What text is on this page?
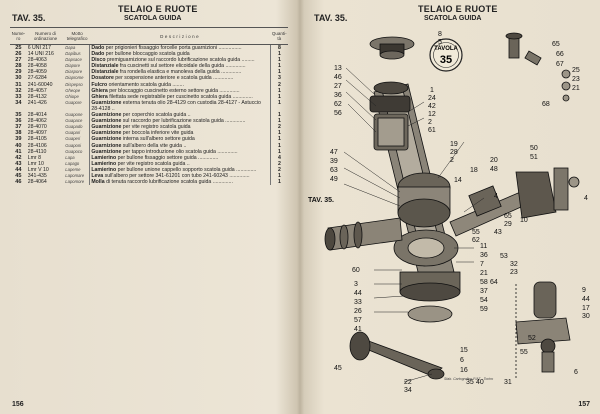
TELAIO E RUOTE
TAV. 35.	SCATOLA GUIDA
Nume-ro	Numero di ordinazione	Motto telegrafico	Descrizione	Quanti-tà
25	6 UNI 217	Dapa	Dado per prigionieri fissaggio forcelle porta guarnizioni ................	8
26	14 UNI 216	Dapibus	Dado per bullone bloccaggio scatola guida	1
27	28-4063	Dapsace	Disco premiguarnizione sul raccordo lubrificazione scatola guida .........	1
28	28-4058	Diapore	Distanziale fra cuscinetti sul settore elicoidale della guida ..............	1
29	28-4059	Diaspore	Distanziale fra rondella elastica e manoleva della guida ..............	1
30	27-6284	Diaprome	Dosatore per sospensione anteriore e scatola guida ..............	3
31	241-60040	Dispepso	Fulcro orientamento scatola guida ........	2
32	28-4057	Gheope	Ghiera per bloccaggio cuscinetto esterno settore guida ..............	1
33	28-4132	Ghiope	Ghiera filettata sede registrabile per cuscinetto scatola guida ..............	1
34	241-426	Guapore	Guarnizione esterna tenuta olio 28-4129 con custodia 28-4127 - Astuccio 28-4128 ..	1
35	28-4014	Guapone	Guarnizione per coperchio scatola guida ..	1
36	28-4062	Guapace	Guarnizione sul raccordo per lubrificazione scatola guida ..............	1
37	28-4070	Guapado	Guarnizione per vite registro scatola guida	2
38	28-4097	Guapari	Guarnizione per boccola inferiore vite guida	1
39	28-4105	Guaperi	Guarnizione interna sull'albero settore guida	1
40	28-4106	Guaponi	Guarnizione sull'albero della vite guida ..	1
41	28-4110	Guapoco	Guarnizione per tappo introduzione olio scatola guida ..............	1
42	Lmr 8	Lapa	Lamierino per bullone fissaggio settore guida ..............	4
43	Lmr 10	Lapago	Lamierino per vite registro scatola guida ..	2
44	Lmr V 10	Lapeme	Lamierino per bullone unione cappello sopporto scatola guida ..............	2
45	341-435	Lapomare	Leva sull'albero per settore 341-61201 con tubo 241-60243 ..............	1
46	28-4064	Lapomore	Molla di tenuta raccordo lubrificazione scatola guida ..............	1
156
TELAIO E RUOTE
TAV. 35.	SCATOLA GUIDA
TAVOLA
35
8
5
1
13
46
27
36
62
56
24
42
12
2
61
19
28
2
14
18
20
48
4
50
51
4
47
39
63
49
60
11
36
7
21
55
62
43
10
65
29
3
44
33
26
57
41
45
15
6
31
9
44
17
6
58
37
54
59
16
65
66
67
68
25
23
21
30
52
55
22
34
64
53
32
23
35 40
TAV. 35.
Stab. Cartografico FIAT - Torino
157
